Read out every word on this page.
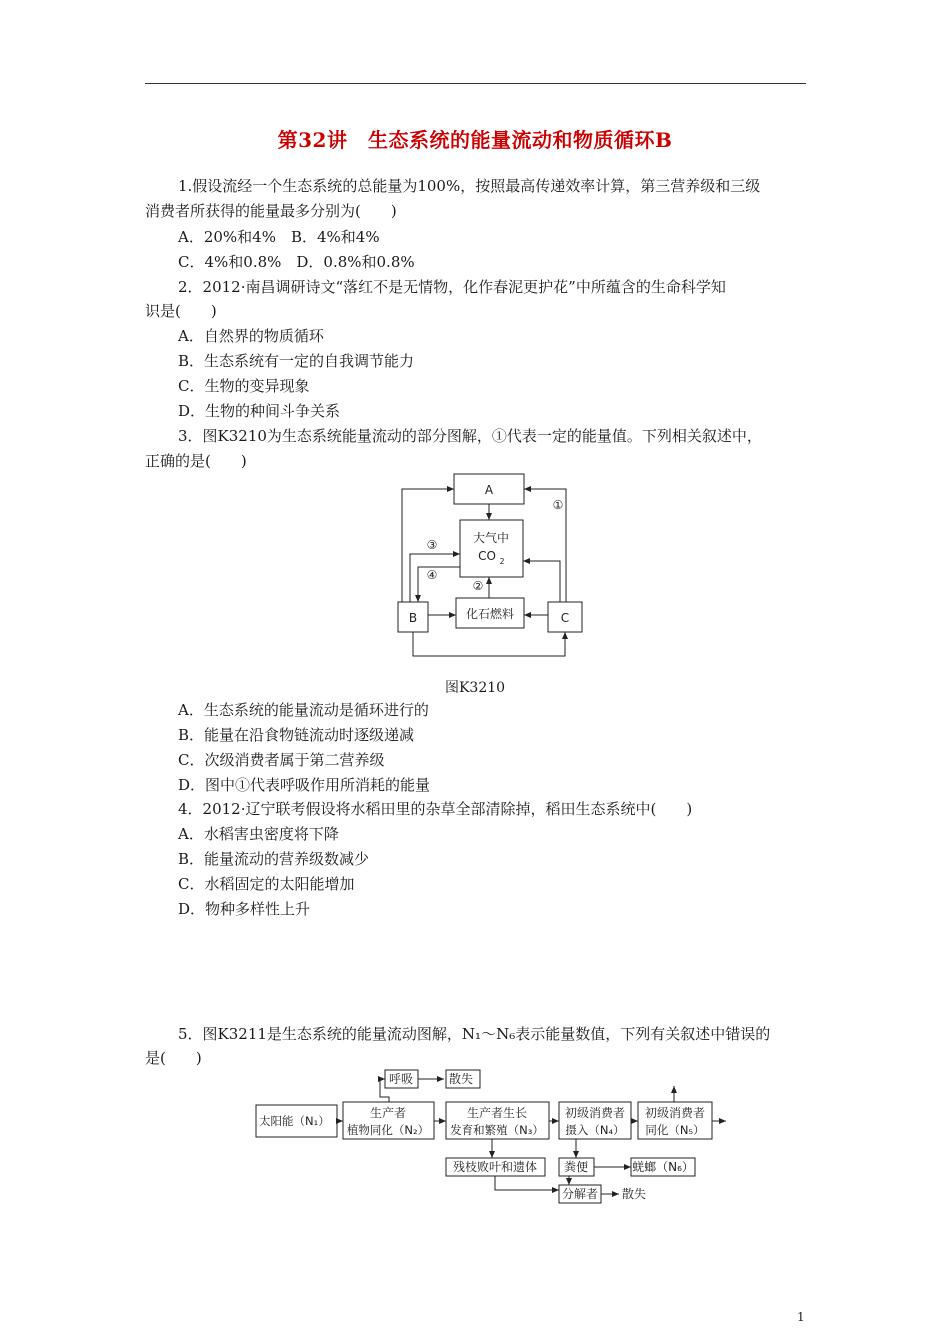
第32讲　生态系统的能量流动和物质循环B
1.假设流经一个生态系统的总能量为100%，按照最高传递效率计算，第三营养级和三级
消费者所获得的能量最多分别为(　　)
A．20%和4%　B．4%和4%
C．4%和0.8%　D．0.8%和0.8%
2．2012·南昌调研诗文“落红不是无情物，化作春泥更护花”中所蕴含的生命科学知
识是(　　)
A．自然界的物质循环
B．生态系统有一定的自我调节能力
C．生物的变异现象
D．生物的种间斗争关系
3．图K3210为生态系统能量流动的部分图解，①代表一定的能量值。下列相关叙述中，
正确的是(　　)
A
大气中
CO 2
B	化石燃料	C
①
②
③
④
图K3210
A．生态系统的能量流动是循环进行的
B．能量在沿食物链流动时逐级递减
C．次级消费者属于第二营养级
D．图中①代表呼吸作用所消耗的能量
4．2012·辽宁联考假设将水稻田里的杂草全部清除掉，稻田生态系统中(　　)
A．水稻害虫密度将下降
B．能量流动的营养级数减少
C．水稻固定的太阳能增加
D．物种多样性上升
5．图K3211是生态系统的能量流动图解，N₁～N₆表示能量数值，下列有关叙述中错误的
是(　　)
呼吸	散失
太阳能（N₁）
生产者
植物同化（N₂）
生产者生长
发育和繁殖（N₃）
初级消费者
摄入（N₄）
初级消费者
同化（N₅）
残枝败叶和遗体 粪便	蜣螂（N₆）
分解者 散失
1
